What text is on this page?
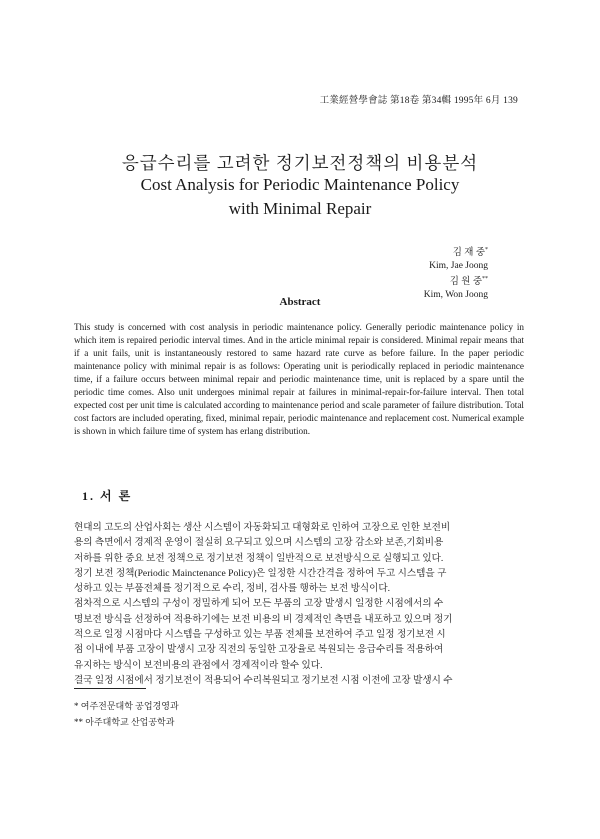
工業經營學會誌 第18卷 第34輯 1995年 6月 139
응급수리를 고려한 정기보전정책의 비용분석
Cost Analysis for Periodic Maintenance Policy
with Minimal Repair
김 재 중*
Kim, Jae Joong
김 원 중**
Kim, Won Joong
Abstract

This study is concerned with cost analysis in periodic maintenance policy. Generally periodic maintenance policy in which item is repaired periodic interval times. And in the article minimal repair is considered. Minimal repair means that if a unit fails, unit is instantaneously restored to same hazard rate curve as before failure. In the paper periodic maintenance policy with minimal repair is as follows: Operating unit is periodically replaced in periodic maintenance time, if a failure occurs between minimal repair and periodic maintenance time, unit is replaced by a spare until the periodic time comes. Also unit undergoes minimal repair at failures in minimal-repair-for-failure interval. Then total expected cost per unit time is calculated according to maintenance period and scale parameter of failure distribution. Total cost factors are included operating, fixed, minimal repair, periodic maintenance and replacement cost. Numerical example is shown in which failure time of system has erlang distribution.

1. 서 론

현대의 고도의 산업사회는 생산 시스템이 자동화되고 대형화로 인하여 고장으로 인한 보전비

용의 측면에서 경제적 운영이 절실히 요구되고 있으며 시스템의 고장 감소와 보존,기회비용

저하를 위한 중요 보전 정책으로 정기보전 정책이 일반적으로 보전방식으로 실행되고 있다.

정기 보전 정책(Periodic Mainctenance Policy)은 일정한 시간간격을 정하여 두고 시스템을 구

성하고 있는 부품전체를 정기적으로 수리, 정비, 검사를 행하는 보전 방식이다.

점차적으로 시스템의 구성이 정밀하게 되어 모든 부품의 고장 발생시 일정한 시점에서의 수

명보전 방식을 선정하여 적용하기에는 보전 비용의 비 경제적인 측면을 내포하고 있으며 정기

적으로 일정 시점마다 시스템을 구성하고 있는 부품 전체를 보전하여 주고 일정 정기보전 시

점 이내에 부품 고장이 발생시 고장 직전의 동일한 고장율로 복원되는 응급수리를 적용하여

유지하는 방식이 보전비용의 관점에서 경제적이라 할수 있다.

결국 일정 시점에서 정기보전이 적용되어 수리복원되고 정기보전 시점 이전에 고장 발생시 수

* 여주전문대학 공업경영과

** 아주대학교 산업공학과
